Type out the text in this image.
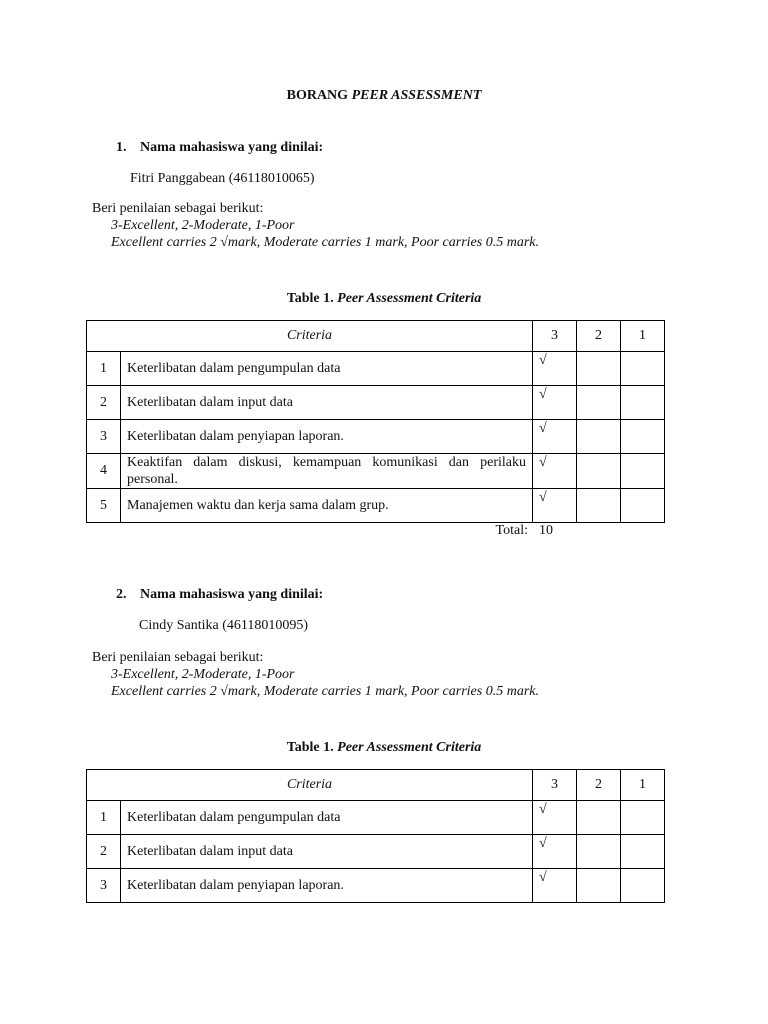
BORANG PEER ASSESSMENT
1. Nama mahasiswa yang dinilai:
Fitri Panggabean (46118010065)
Beri penilaian sebagai berikut:
3-Excellent, 2-Moderate, 1-Poor
Excellent carries 2 √mark, Moderate carries 1 mark, Poor carries 0.5 mark.
Table 1. Peer Assessment Criteria
Criteria		3	2	1
1	Keterlibatan dalam pengumpulan data	√		
2	Keterlibatan dalam input data	√		
3	Keterlibatan dalam penyiapan laporan.	√		
4	Keaktifan dalam diskusi, kemampuan komunikasi dan perilaku personal.	√		
5	Manajemen waktu dan kerja sama dalam grup.	√		
Total: 10
2. Nama mahasiswa yang dinilai:
Cindy Santika (46118010095)
Beri penilaian sebagai berikut:
3-Excellent, 2-Moderate, 1-Poor
Excellent carries 2 √mark, Moderate carries 1 mark, Poor carries 0.5 mark.
Table 1. Peer Assessment Criteria
Criteria		3	2	1
1	Keterlibatan dalam pengumpulan data	√		
2	Keterlibatan dalam input data	√		
3	Keterlibatan dalam penyiapan laporan.	√		
